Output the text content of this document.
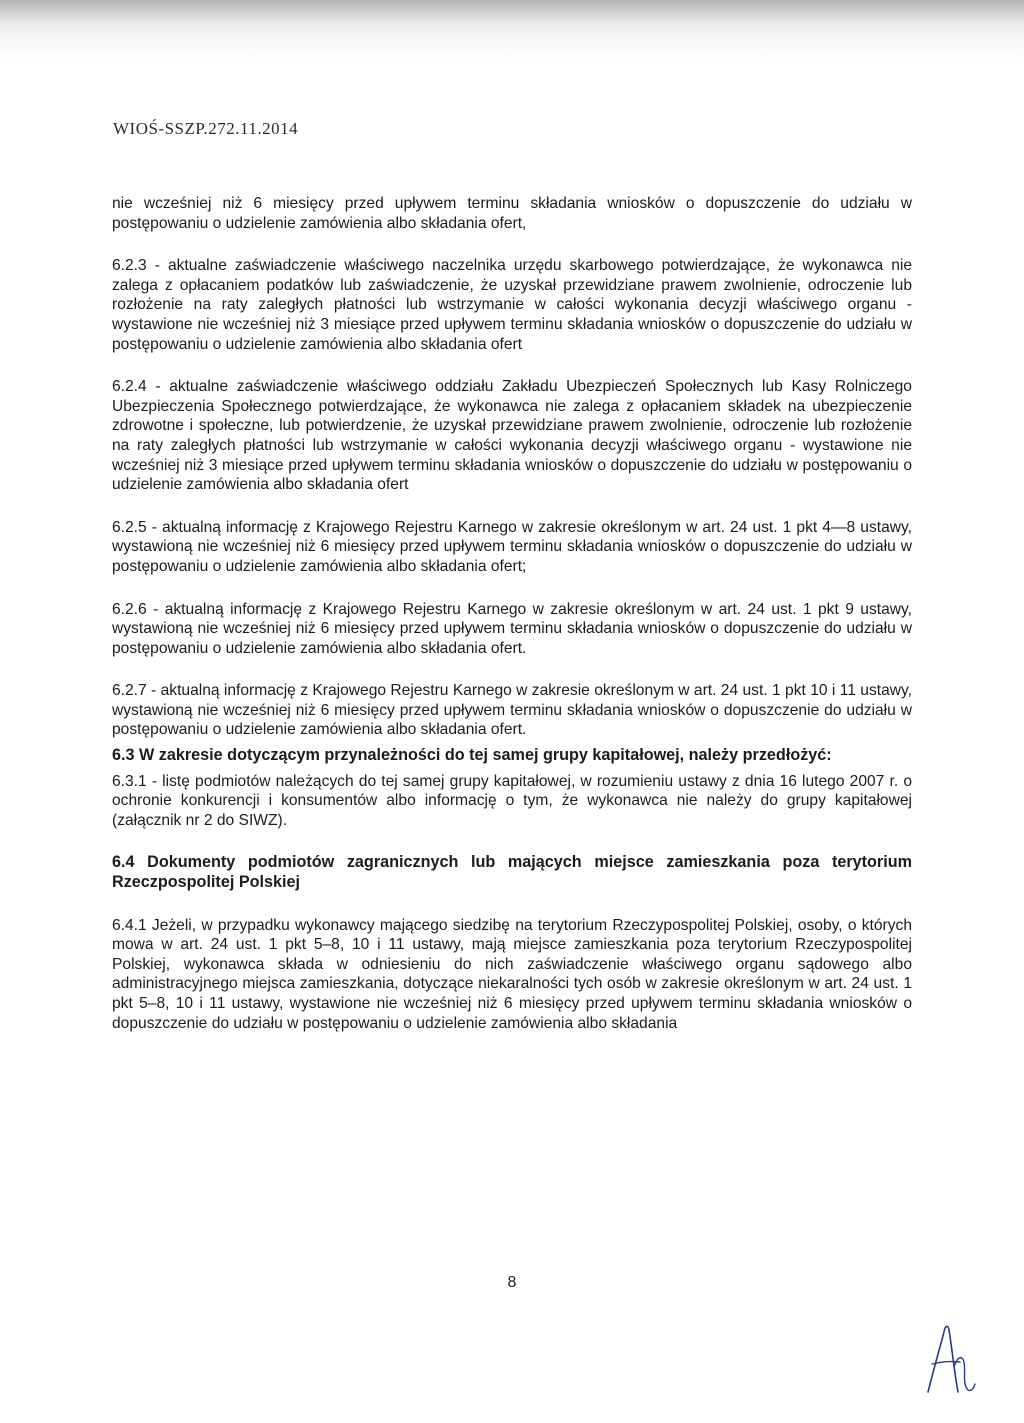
WIOŚ-SSZP.272.11.2014

nie wcześniej niż 6 miesięcy przed upływem terminu składania wniosków o dopuszczenie do udziału w postępowaniu o udzielenie zamówienia albo składania ofert,

6.2.3 - aktualne zaświadczenie właściwego naczelnika urzędu skarbowego potwierdzające, że wykonawca nie zalega z opłacaniem podatków lub zaświadczenie, że uzyskał przewidziane prawem zwolnienie, odroczenie lub rozłożenie na raty zaległych płatności lub wstrzymanie w całości wykonania decyzji właściwego organu - wystawione nie wcześniej niż 3 miesiące przed upływem terminu składania wniosków o dopuszczenie do udziału w postępowaniu o udzielenie zamówienia albo składania ofert

6.2.4 - aktualne zaświadczenie właściwego oddziału Zakładu Ubezpieczeń Społecznych lub Kasy Rolniczego Ubezpieczenia Społecznego potwierdzające, że wykonawca nie zalega z opłacaniem składek na ubezpieczenie zdrowotne i społeczne, lub potwierdzenie, że uzyskał przewidziane prawem zwolnienie, odroczenie lub rozłożenie na raty zaległych płatności lub wstrzymanie w całości wykonania decyzji właściwego organu - wystawione nie wcześniej niż 3 miesiące przed upływem terminu składania wniosków o dopuszczenie do udziału w postępowaniu o udzielenie zamówienia albo składania ofert

6.2.5 - aktualną informację z Krajowego Rejestru Karnego w zakresie określonym w art. 24 ust. 1 pkt 4—8 ustawy, wystawioną nie wcześniej niż 6 miesięcy przed upływem terminu składania wniosków o dopuszczenie do udziału w postępowaniu o udzielenie zamówienia albo składania ofert;

6.2.6 - aktualną informację z Krajowego Rejestru Karnego w zakresie określonym w art. 24 ust. 1 pkt 9 ustawy, wystawioną nie wcześniej niż 6 miesięcy przed upływem terminu składania wniosków o dopuszczenie do udziału w postępowaniu o udzielenie zamówienia albo składania ofert.

6.2.7 - aktualną informację z Krajowego Rejestru Karnego w zakresie określonym w art. 24 ust. 1 pkt 10 i 11 ustawy, wystawioną nie wcześniej niż 6 miesięcy przed upływem terminu składania wniosków o dopuszczenie do udziału w postępowaniu o udzielenie zamówienia albo składania ofert.

6.3 W zakresie dotyczącym przynależności do tej samej grupy kapitałowej, należy przedłożyć:

6.3.1 - listę podmiotów należących do tej samej grupy kapitałowej, w rozumieniu ustawy z dnia 16 lutego 2007 r. o ochronie konkurencji i konsumentów albo informację o tym, że wykonawca nie należy do grupy kapitałowej (załącznik nr 2 do SIWZ).

6.4 Dokumenty podmiotów zagranicznych lub mających miejsce zamieszkania poza terytorium Rzeczpospolitej Polskiej

6.4.1 Jeżeli, w przypadku wykonawcy mającego siedzibę na terytorium Rzeczypospolitej Polskiej, osoby, o których mowa w art. 24 ust. 1 pkt 5–8, 10 i 11 ustawy, mają miejsce zamieszkania poza terytorium Rzeczypospolitej Polskiej, wykonawca składa w odniesieniu do nich zaświadczenie właściwego organu sądowego albo administracyjnego miejsca zamieszkania, dotyczące niekaralności tych osób w zakresie określonym w art. 24 ust. 1 pkt 5–8, 10 i 11 ustawy, wystawione nie wcześniej niż 6 miesięcy przed upływem terminu składania wniosków o dopuszczenie do udziału w postępowaniu o udzielenie zamówienia albo składania

8
